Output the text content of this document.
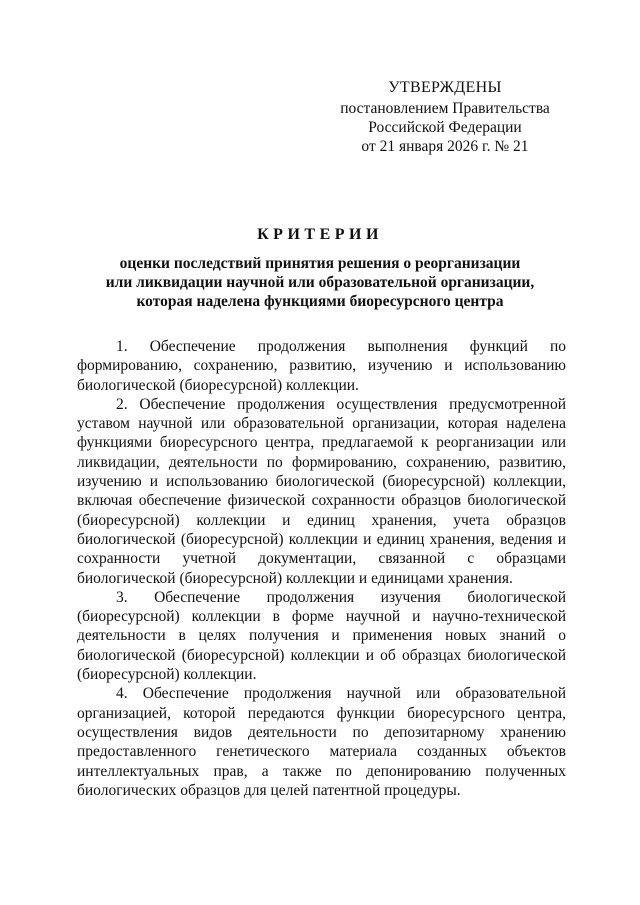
УТВЕРЖДЕНЫ
постановлением Правительства
Российской Федерации
от 21 января 2026 г. № 21
КРИТЕРИИ
оценки последствий принятия решения о реорганизации
или ликвидации научной или образовательной организации,
которая наделена функциями биоресурсного центра

1. Обеспечение продолжения выполнения функций по формированию, сохранению, развитию, изучению и использованию биологической (биоресурсной) коллекции.

2. Обеспечение продолжения осуществления предусмотренной уставом научной или образовательной организации, которая наделена функциями биоресурсного центра, предлагаемой к реорганизации или ликвидации, деятельности по формированию, сохранению, развитию, изучению и использованию биологической (биоресурсной) коллекции, включая обеспечение физической сохранности образцов биологической (биоресурсной) коллекции и единиц хранения, учета образцов биологической (биоресурсной) коллекции и единиц хранения, ведения и сохранности учетной документации, связанной с образцами биологической (биоресурсной) коллекции и единицами хранения.

3. Обеспечение продолжения изучения биологической (биоресурсной) коллекции в форме научной и научно-технической деятельности в целях получения и применения новых знаний о биологической (биоресурсной) коллекции и об образцах биологической (биоресурсной) коллекции.

4. Обеспечение продолжения научной или образовательной организацией, которой передаются функции биоресурсного центра, осуществления видов деятельности по депозитарному хранению предоставленного генетического материала созданных объектов интеллектуальных прав, а также по депонированию полученных биологических образцов для целей патентной процедуры.
